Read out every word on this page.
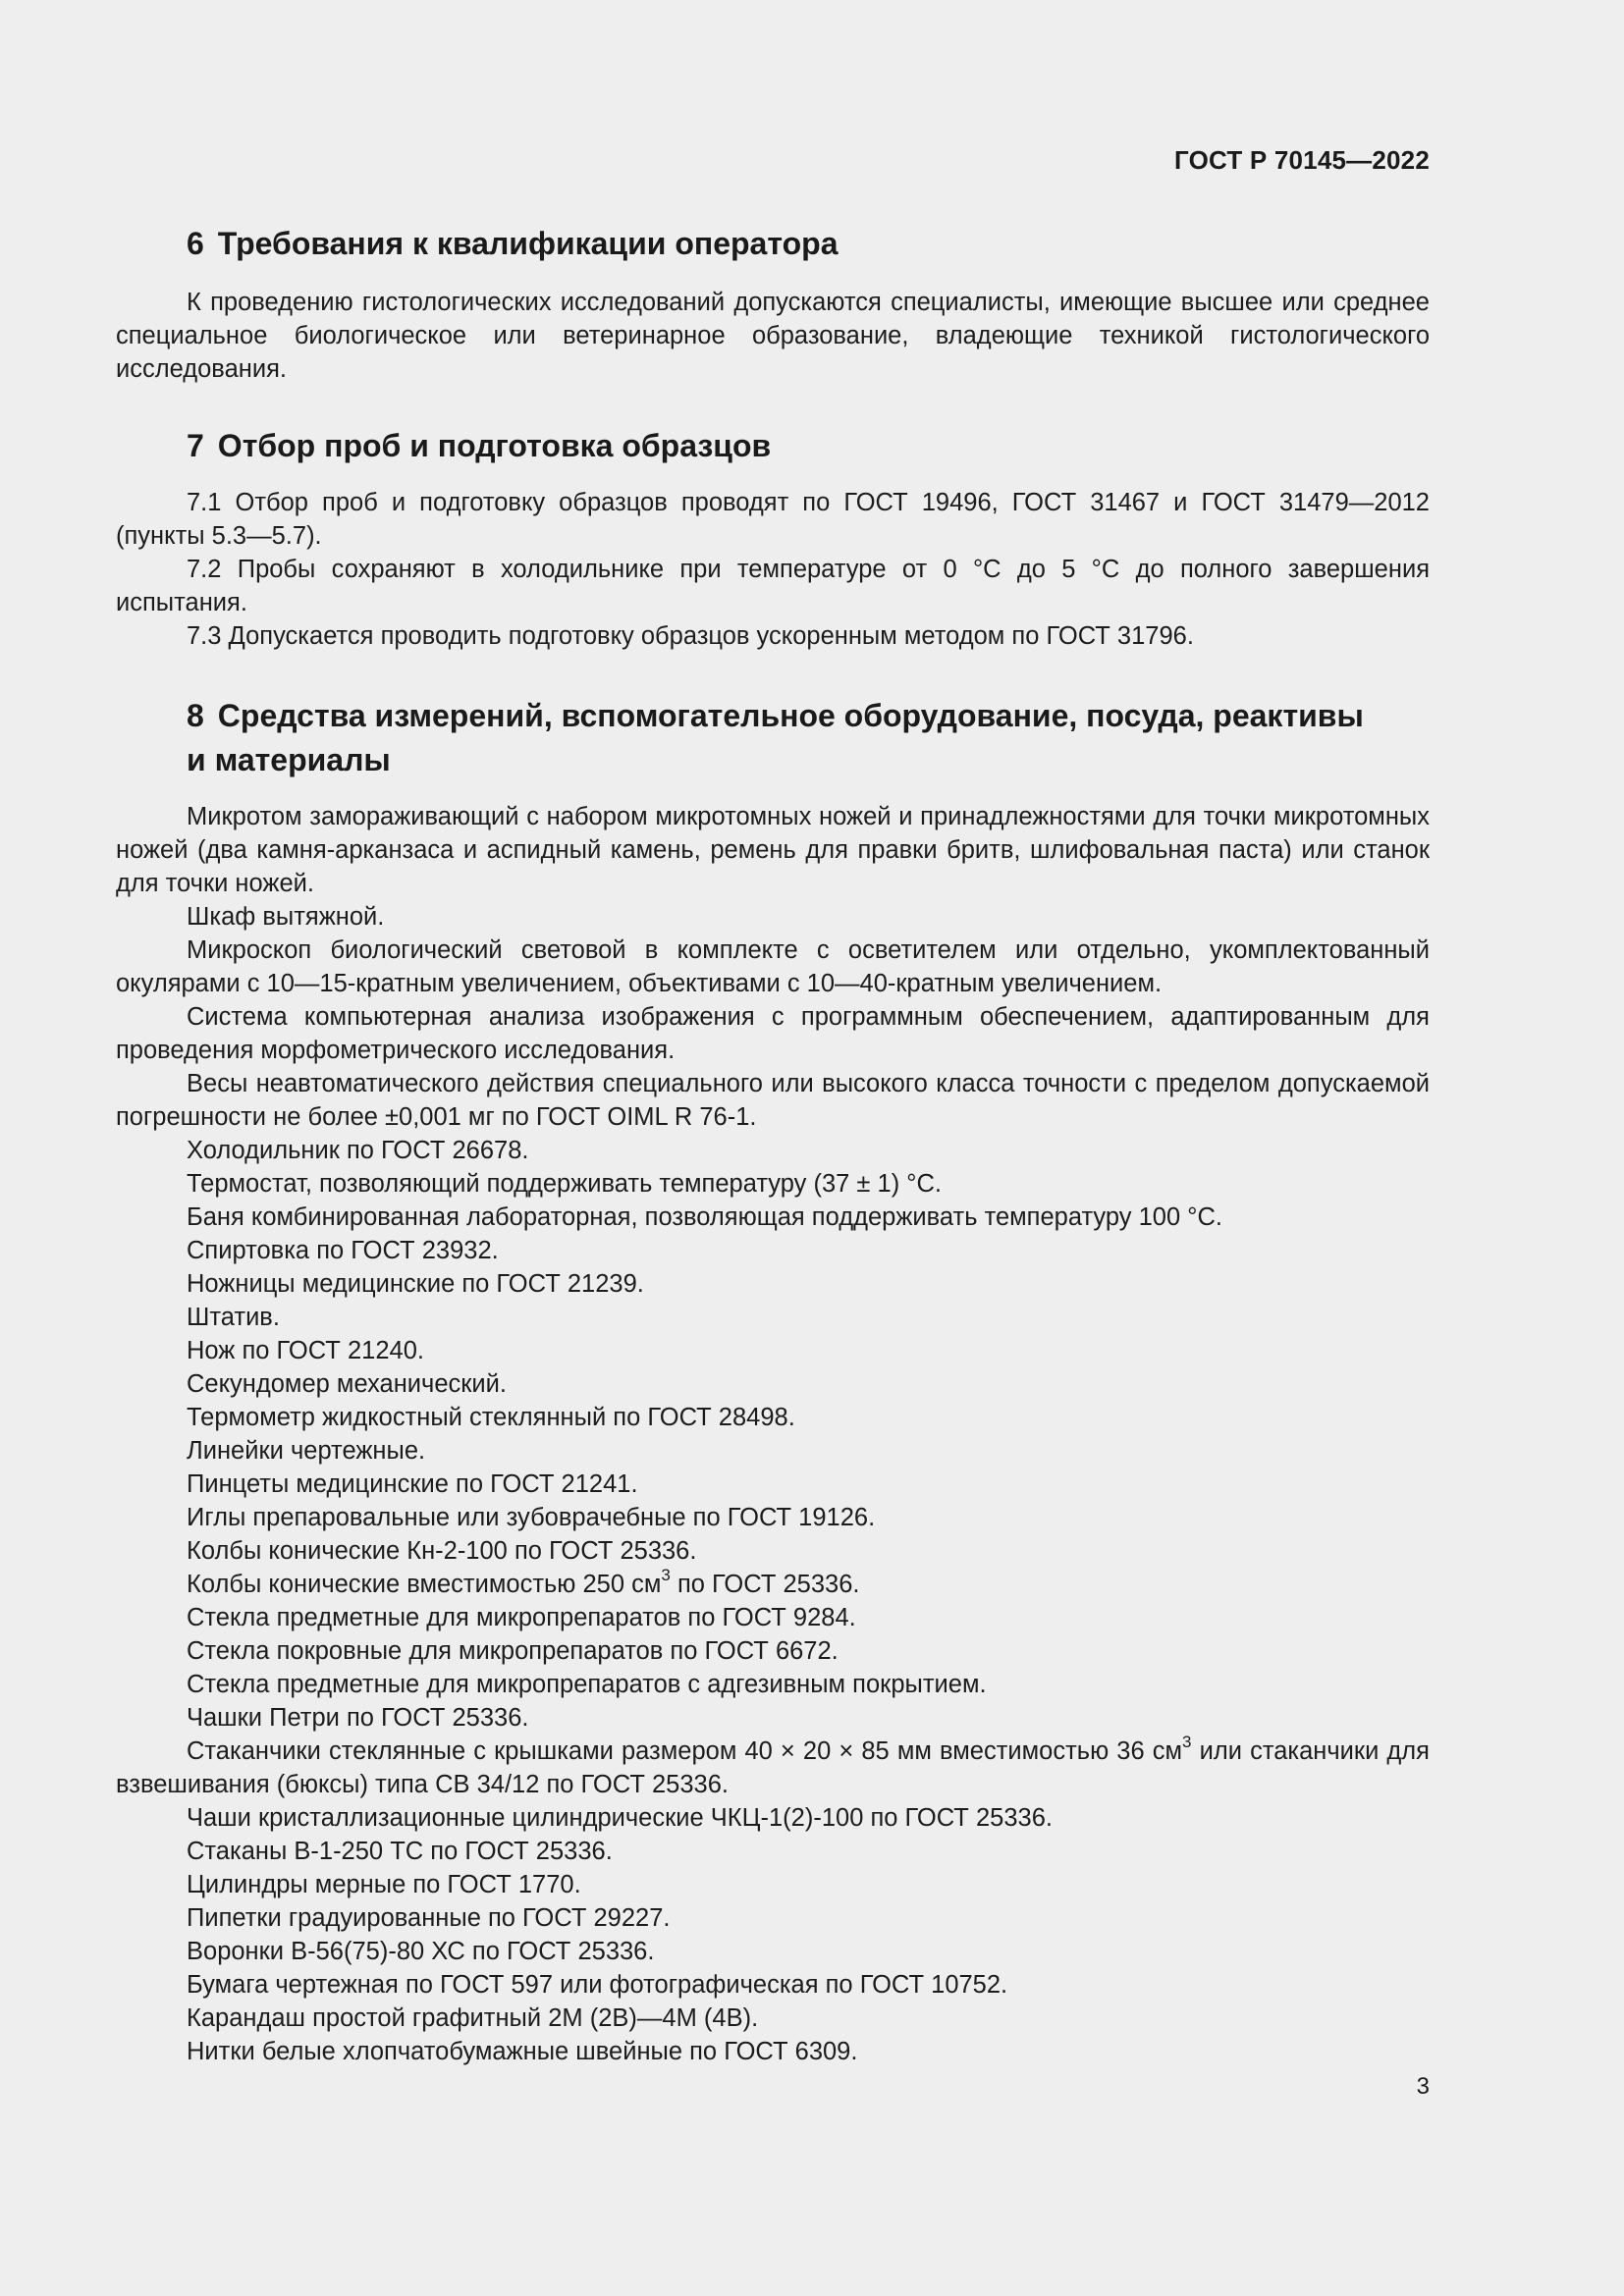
ГОСТ Р 70145—2022
6 Требования к квалификации оператора

К проведению гистологических исследований допускаются специалисты, имеющие высшее или среднее специальное биологическое или ветеринарное образование, владеющие техникой гистологического исследования.

7 Отбор проб и подготовка образцов

7.1 Отбор проб и подготовку образцов проводят по ГОСТ 19496, ГОСТ 31467 и ГОСТ 31479—2012 (пункты 5.3—5.7).

7.2 Пробы сохраняют в холодильнике при температуре от 0 °С до 5 °С до полного завершения испытания.

7.3 Допускается проводить подготовку образцов ускоренным методом по ГОСТ 31796.

8 Средства измерений, вспомогательное оборудование, посуда, реактивы
и материалы

Микротом замораживающий с набором микротомных ножей и принадлежностями для точки микротомных ножей (два камня-арканзаса и аспидный камень, ремень для правки бритв, шлифовальная паста) или станок для точки ножей.

Шкаф вытяжной.

Микроскоп биологический световой в комплекте с осветителем или отдельно, укомплектованный окулярами с 10—15-кратным увеличением, объективами с 10—40-кратным увеличением.

Система компьютерная анализа изображения с программным обеспечением, адаптированным для проведения морфометрического исследования.

Весы неавтоматического действия специального или высокого класса точности с пределом допускаемой погрешности не более ±0,001 мг по ГОСТ OIML R 76-1.

Холодильник по ГОСТ 26678.

Термостат, позволяющий поддерживать температуру (37 ± 1) °С.

Баня комбинированная лабораторная, позволяющая поддерживать температуру 100 °С.

Спиртовка по ГОСТ 23932.

Ножницы медицинские по ГОСТ 21239.

Штатив.

Нож по ГОСТ 21240.

Секундомер механический.

Термометр жидкостный стеклянный по ГОСТ 28498.

Линейки чертежные.

Пинцеты медицинские по ГОСТ 21241.

Иглы препаровальные или зубоврачебные по ГОСТ 19126.

Колбы конические Кн-2-100 по ГОСТ 25336.

Колбы конические вместимостью 250 $см^3$ по ГОСТ 25336.

Стекла предметные для микропрепаратов по ГОСТ 9284.

Стекла покровные для микропрепаратов по ГОСТ 6672.

Стекла предметные для микропрепаратов с адгезивным покрытием.

Чашки Петри по ГОСТ 25336.

Стаканчики стеклянные с крышками размером 40 × 20 × 85 мм вместимостью 36 $см^3$ или стаканчики для взвешивания (бюксы) типа СВ 34/12 по ГОСТ 25336.

Чаши кристаллизационные цилиндрические ЧКЦ-1(2)-100 по ГОСТ 25336.

Стаканы В-1-250 ТС по ГОСТ 25336.

Цилиндры мерные по ГОСТ 1770.

Пипетки градуированные по ГОСТ 29227.

Воронки В-56(75)-80 ХС по ГОСТ 25336.

Бумага чертежная по ГОСТ 597 или фотографическая по ГОСТ 10752.

Карандаш простой графитный 2М (2В)—4М (4В).

Нитки белые хлопчатобумажные швейные по ГОСТ 6309.

3
